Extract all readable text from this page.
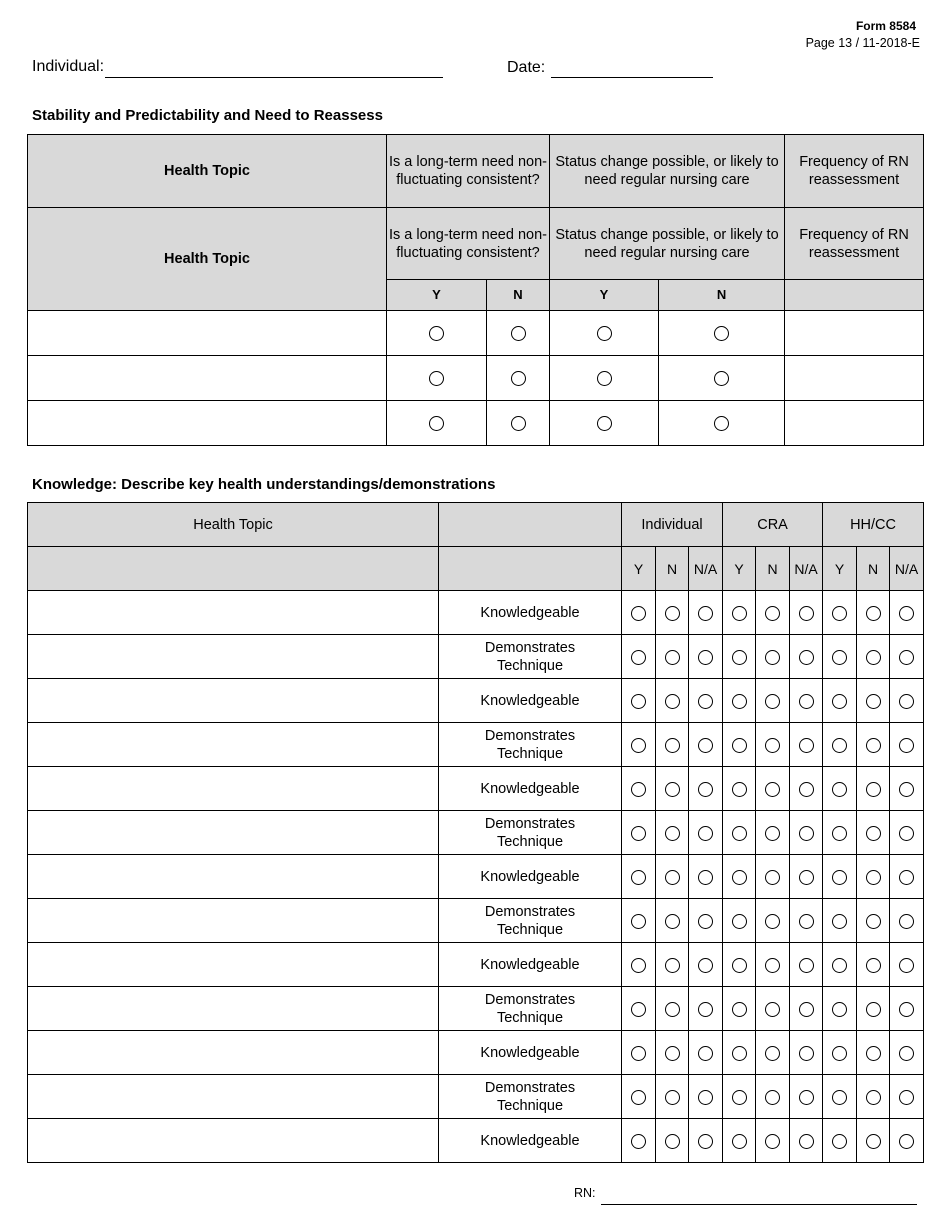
Form 8584
Page 13 / 11-2018-E
Individual:	Date:
Stability and Predictability and Need to Reassess
Health Topic	Is a long-term need non-fluctuating consistent?		Status change possible, or likely to need regular nursing care		Frequency of RN reassessment
Health Topic	Is a long-term need non-fluctuating consistent?		Status change possible, or likely to need regular nursing care		Frequency of RN reassessment
	Y	N	Y	N	

Knowledge: Describe key health understandings/demonstrations
Health Topic		Individual			CRA			HH/CC		
		Y	N	N/A	Y	N	N/A	Y	N	N/A
	Knowledgeable									
	Demonstrates Technique									
	Knowledgeable									
	Demonstrates Technique									
	Knowledgeable									
	Demonstrates Technique									
	Knowledgeable									
	Demonstrates Technique									
	Knowledgeable									
	Demonstrates Technique									
	Knowledgeable									
	Demonstrates Technique									
	Knowledgeable									
RN:
